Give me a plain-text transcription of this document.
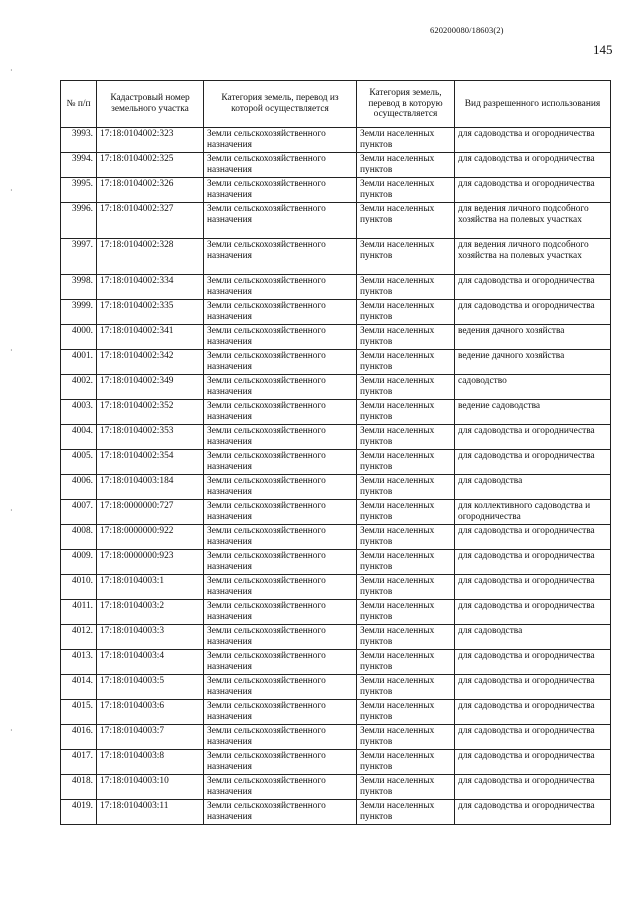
620200080/18603(2)
145
·
·
·
·
·
№ п/п	Кадастровый номер земельного участка	Категория земель, перевод из которой осуществляется	Категория земель, перевод в которую осуществляется	Вид разрешенного использования
3993.	17:18:0104002:323	Земли сельскохозяйственного назначения	Земли населенных пунктов	для садоводства и огородничества
3994.	17:18:0104002:325	Земли сельскохозяйственного назначения	Земли населенных пунктов	для садоводства и огородничества
3995.	17:18:0104002:326	Земли сельскохозяйственного назначения	Земли населенных пунктов	для садоводства и огородничества
3996.	17:18:0104002:327	Земли сельскохозяйственного назначения	Земли населенных пунктов	для ведения личного подсобного хозяйства на полевых участках
3997.	17:18:0104002:328	Земли сельскохозяйственного назначения	Земли населенных пунктов	для ведения личного подсобного хозяйства на полевых участках
3998.	17:18:0104002:334	Земли сельскохозяйственного назначения	Земли населенных пунктов	для садоводства и огородничества
3999.	17:18:0104002:335	Земли сельскохозяйственного назначения	Земли населенных пунктов	для садоводства и огородничества
4000.	17:18:0104002:341	Земли сельскохозяйственного назначения	Земли населенных пунктов	ведения дачного хозяйства
4001.	17:18:0104002:342	Земли сельскохозяйственного назначения	Земли населенных пунктов	ведение дачного хозяйства
4002.	17:18:0104002:349	Земли сельскохозяйственного назначения	Земли населенных пунктов	садоводство
4003.	17:18:0104002:352	Земли сельскохозяйственного назначения	Земли населенных пунктов	ведение садоводства
4004.	17:18:0104002:353	Земли сельскохозяйственного назначения	Земли населенных пунктов	для садоводства и огородничества
4005.	17:18:0104002:354	Земли сельскохозяйственного назначения	Земли населенных пунктов	для садоводства и огородничества
4006.	17:18:0104003:184	Земли сельскохозяйственного назначения	Земли населенных пунктов	для садоводства
4007.	17:18:0000000:727	Земли сельскохозяйственного назначения	Земли населенных пунктов	для коллективного садоводства и огородничества
4008.	17:18:0000000:922	Земли сельскохозяйственного назначения	Земли населенных пунктов	для садоводства и огородничества
4009.	17:18:0000000:923	Земли сельскохозяйственного назначения	Земли населенных пунктов	для садоводства и огородничества
4010.	17:18:0104003:1	Земли сельскохозяйственного назначения	Земли населенных пунктов	для садоводства и огородничества
4011.	17:18:0104003:2	Земли сельскохозяйственного назначения	Земли населенных пунктов	для садоводства и огородничества
4012.	17:18:0104003:3	Земли сельскохозяйственного назначения	Земли населенных пунктов	для садоводства
4013.	17:18:0104003:4	Земли сельскохозяйственного назначения	Земли населенных пунктов	для садоводства и огородничества
4014.	17:18:0104003:5	Земли сельскохозяйственного назначения	Земли населенных пунктов	для садоводства и огородничества
4015.	17:18:0104003:6	Земли сельскохозяйственного назначения	Земли населенных пунктов	для садоводства и огородничества
4016.	17:18:0104003:7	Земли сельскохозяйственного назначения	Земли населенных пунктов	для садоводства и огородничества
4017.	17:18:0104003:8	Земли сельскохозяйственного назначения	Земли населенных пунктов	для садоводства и огородничества
4018.	17:18:0104003:10	Земли сельскохозяйственного назначения	Земли населенных пунктов	для садоводства и огородничества
4019.	17:18:0104003:11	Земли сельскохозяйственного назначения	Земли населенных пунктов	для садоводства и огородничества
